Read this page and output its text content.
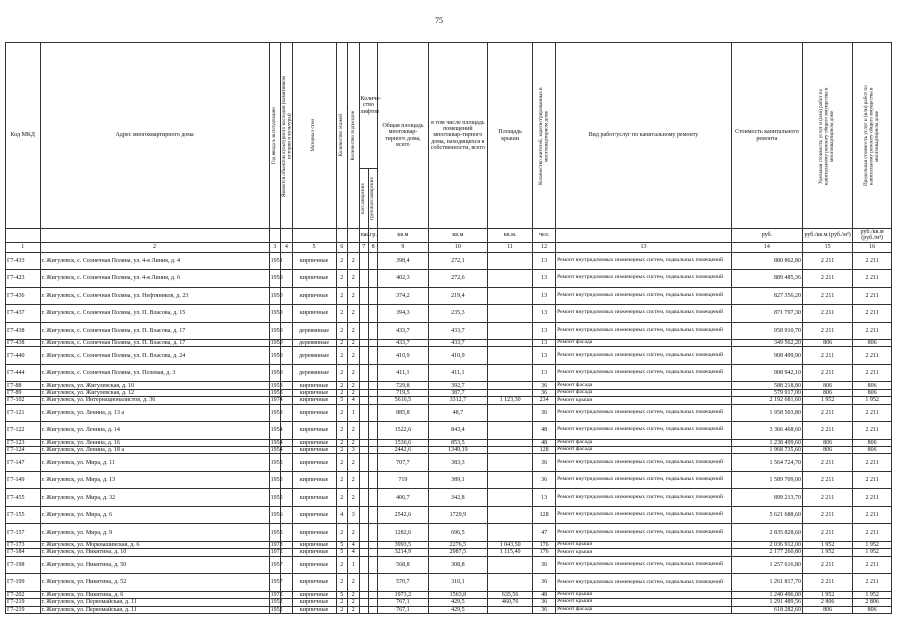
75
Код МКД	Адрес многоквартирного дома	Год ввода в эксплуатацию	Является объектом культурного наследия (памятником истории и культуры)	Материал стен	Количество этажей	Количество подъездов	Количе-ство лифтов		Общая площадь многоквар-тирного дома, всего	в том числе площадь помещений многоквар-тирного дома, находящихся в собственности, всего	Площадь крыши	Количество жителей, зарегистрированных в многоквартирном доме	Вид работ/услуг по капитальному ремонту	Стоимость капитального ремонта	Удельная стоимость услуг и (или) работ по капитальному ремонту общего имущества в многоквартирном доме	Предельная стоимость услуг и (или) работ по капитальному ремонту общего имущества в многоквартирном доме

							пассажирских	грузопассажирских								

							пас.	гр.	кв.м	кв.м	кв.м.	чел.		руб.	руб./кв.м (руб./м³)	руб./кв.м (руб./м³)
1	2	3	4	5	6		7	8	9	10	11	12	13	14	15	16
Г7-433	г. Жигулевск, с. Солнечная Поляна, ул. 4-я Линия, д. 4	1951		кирпичные	2	2			398,4	272,1		13	Ремонт внутридомовых инженерных систем, подвальных помещений	880 862,80	2 211	2 211
Г7-423	г. Жигулевск, с. Солнечная Поляна, ул. 4-я Линия, д. 6	1950		кирпичные	2	2			402,3	272,6		13	Ремонт внутридомовых инженерных систем, подвальных помещений	889 485,36	2 211	2 211
Г7-436	г. Жигулевск, с. Солнечная Поляна, ул. Нефтяников, д. 23	1950		кирпичные	2	2			374,2	219,4		13	Ремонт внутридомовых инженерных систем, подвальных помещений	827 356,20	2 211	2 211
Г7-437	г. Жигулевск, с. Солнечная Поляна, ул. П. Власова, д. 15	1950		кирпичные	2	2			394,3	235,3		13	Ремонт внутридомовых инженерных систем, подвальных помещений	871 797,30	2 211	2 211
Г7-438	г. Жигулевск, с. Солнечная Поляна, ул. П. Власова, д. 17	1950		деревянные	2	2			433,7	433,7		13	Ремонт внутридомовых инженерных систем, подвальных помещений	958 910,70	2 211	2 211
Г7-438	г. Жигулевск, с. Солнечная Поляна, ул. П. Власова, д. 17	1950		деревянные	2	2			433,7	433,7		13	Ремонт фасада	349 562,20	806	806
Г7-440	г. Жигулевск, с. Солнечная Поляна, ул. П. Власова, д. 24	1950		деревянные	2	2			410,9	410,9		13	Ремонт внутридомовых инженерных систем, подвальных помещений	908 499,90	2 211	2 211
Г7-444	г. Жигулевск, с. Солнечная Поляна, ул. Полевая, д. 3	1950		деревянные	2	2			411,1	411,1		13	Ремонт внутридомовых инженерных систем, подвальных помещений	908 942,10	2 211	2 211
Г7-88	г. Жигулевск, ул. Жигулевская, д. 10	1953		кирпичные	2	2			729,8	392,7		36	Ремонт фасада	588 218,80	806	806
Г7-89	г. Жигулевск, ул. Жигулевская, д. 12	1953		кирпичные	2	2			719,5	387,7		36	Ремонт фасада	579 917,00	806	806
Г7-102	г. Жигулевск, ул. Интернационалистов, д. 36	1974		кирпичные	5	4			5616,5	3312,7	1 123,30	234	Ремонт крыши	2 192 681,60	1 952	1 952
Г7-121	г. Жигулевск, ул. Ленина, д. 13 а	1953		кирпичные	2	1			885,8	48,7		36	Ремонт внутридомовых инженерных систем, подвальных помещений	1 958 503,80	2 211	2 211
Г7-122	г. Жигулевск, ул. Ленина, д. 14	1954		кирпичные	2	2			1522,6	843,4		48	Ремонт внутридомовых инженерных систем, подвальных помещений	3 366 468,60	2 211	2 211
Г7-123	г. Жигулевск, ул. Ленина, д. 16	1954		кирпичные	2	2			1536,6	853,5		48	Ремонт фасада	1 238 499,60	806	806
Г7-124	г. Жигулевск, ул. Ленина, д. 18 а	1954		кирпичные	2	3			2442,6	1349,19		128	Ремонт фасада	1 968 735,60	806	806
Г7-147	г. Жигулевск, ул. Мира, д. 11	1955		кирпичные	2	2			707,7	383,3		36	Ремонт внутридомовых инженерных систем, подвальных помещений	1 564 724,70	2 211	2 211
Г7-149	г. Жигулевск, ул. Мира, д. 13	1955		кирпичные	2	2			719	389,1		36	Ремонт внутридомовых инженерных систем, подвальных помещений	1 589 709,00	2 211	2 211
Г7-455	г. Жигулевск, ул. Мира, д. 32	1955		кирпичные	2	2			406,7	342,8		13	Ремонт внутридомовых инженерных систем, подвальных помещений	899 213,70	2 211	2 211
Г7-155	г. Жигулевск, ул. Мира, д. 6	1956		кирпичные	4	3			2542,6	1729,9		128	Ремонт внутридомовых инженерных систем, подвальных помещений	5 621 688,60	2 211	2 211
Г7-157	г. Жигулевск, ул. Мира, д. 9	1955		кирпичные	2	2			1282,6	696,5		47	Ремонт внутридомовых инженерных систем, подвальных помещений	2 835 828,60	2 211	2 211
Г7-173	г. Жигулевск, ул. Морквашинская, д. 6	1973		кирпичные	5	4			3993,5	2276,5	1 043,50	176	Ремонт крыши	2 036 912,00	1 952	1 952
Г7-184	г. Жигулевск, ул. Никитина, д. 10	1972		кирпичные	5	4			3214,9	2987,5	1 115,40	176	Ремонт крыши	2 177 260,80	1 952	1 952
Г7-198	г. Жигулевск, ул. Никитина, д. 50	1957		кирпичные	2	1			568,8	308,8		36	Ремонт внутридомовых инженерных систем, подвальных помещений	1 257 616,80	2 211	2 211
Г7-199	г. Жигулевск, ул. Никитина, д. 52	1957		кирпичные	2	2			570,7	310,1		36	Ремонт внутридомовых инженерных систем, подвальных помещений	1 261 817,70	2 211	2 211
Г7-202	г. Жигулевск, ул. Никитина, д. 6	1972		кирпичные	5	2			1973,2	1563,8	635,56	48	Ремонт крыши	1 240 496,00	1 952	1 952
Г7-219	г. Жигулевск, ул. Первомайская, д. 11	1952		кирпичные	2	2			767,1	429,5	460,76	36	Ремонт крыши	1 291 489,56	2 806	2 806
Г7-219	г. Жигулевск, ул. Первомайская, д. 11	1952		кирпичные	2	2			767,1	429,5		36	Ремонт фасада	618 282,60	806	806
